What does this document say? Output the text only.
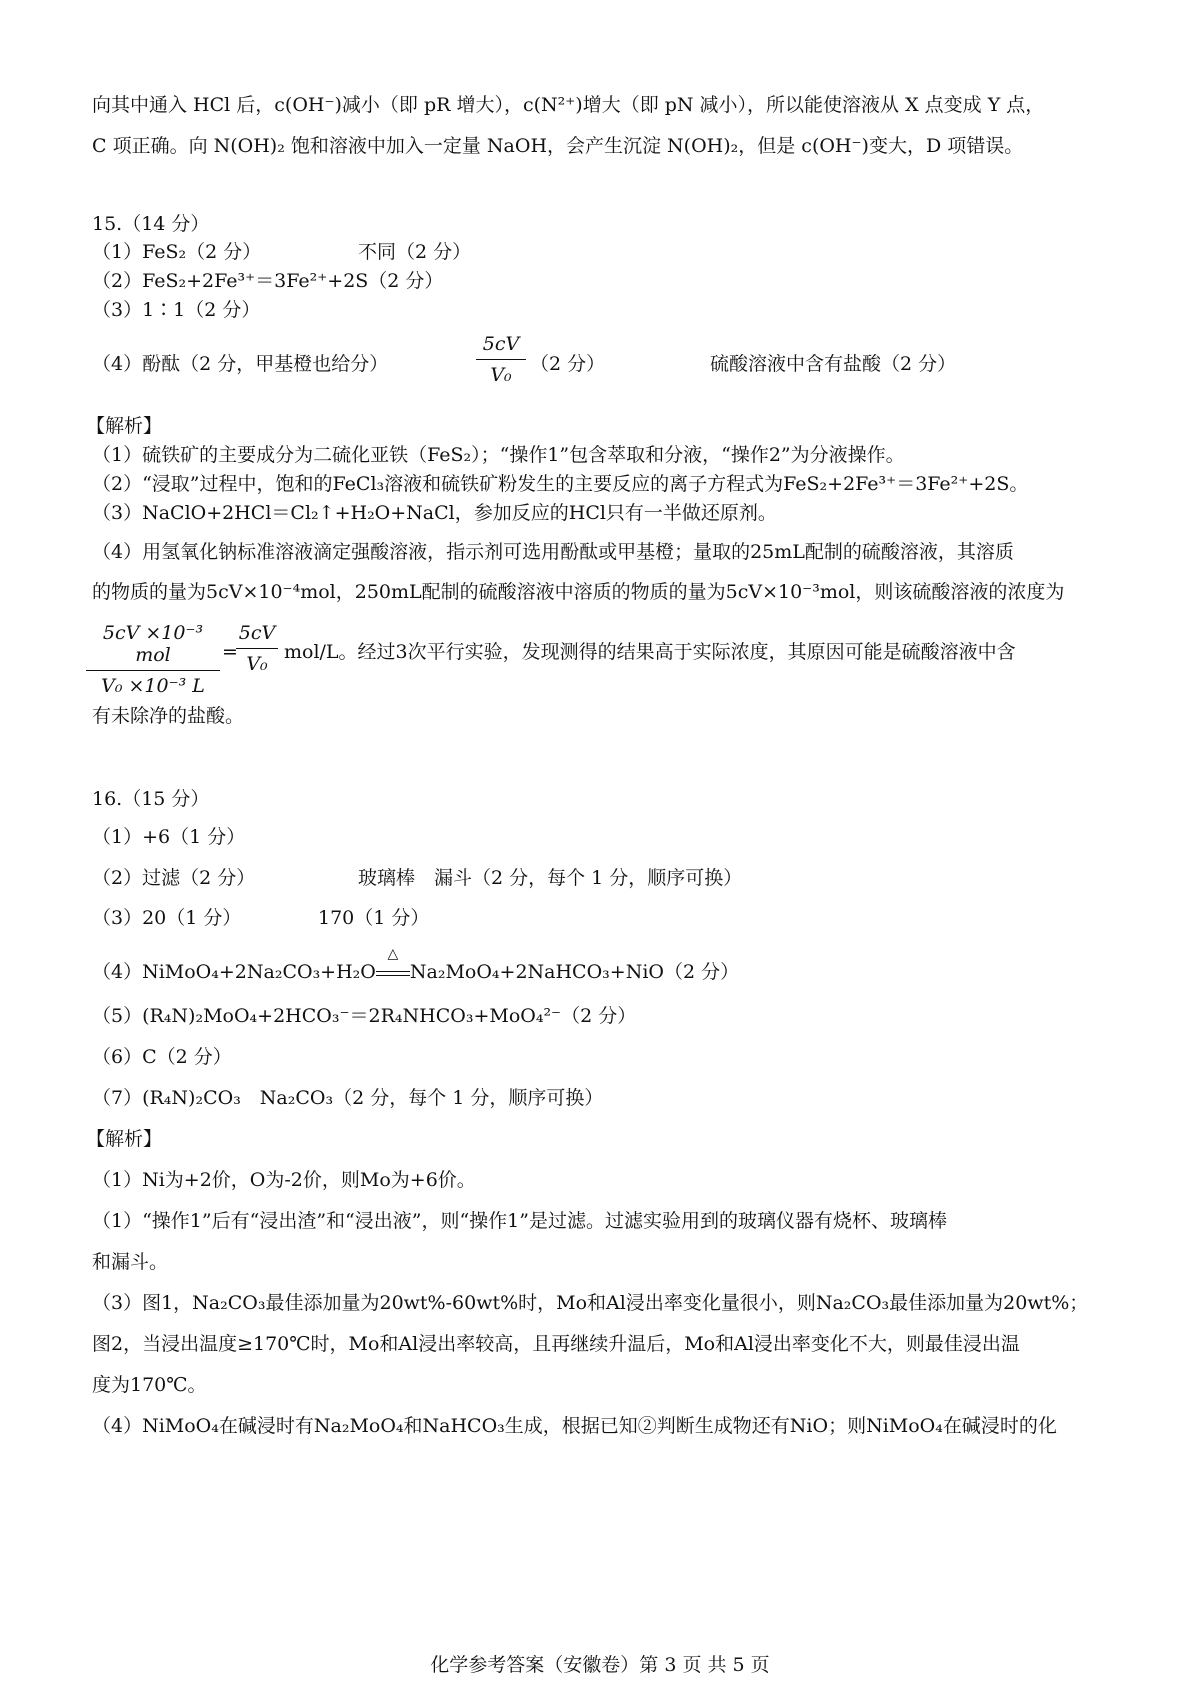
向其中通入 HCl 后，c(OH⁻)减小（即 pR 增大），c(N²⁺)增大（即 pN 减小），所以能使溶液从 X 点变成 Y 点，
C 项正确。向 N(OH)₂ 饱和溶液中加入一定量 NaOH，会产生沉淀 N(OH)₂，但是 c(OH⁻)变大，D 项错误。
15.（14 分）
（1）FeS₂（2 分）	不同（2 分）
（2）FeS₂+2Fe³⁺＝3Fe²⁺+2S（2 分）
（3）1∶1（2 分）
（4）酚酞（2 分，甲基橙也给分）
5cV
V₀ （2 分）	硫酸溶液中含有盐酸（2 分）
【解析】
（1）硫铁矿的主要成分为二硫化亚铁（FeS₂）；“操作1”包含萃取和分液，“操作2”为分液操作。
（2）“浸取”过程中，饱和的FeCl₃溶液和硫铁矿粉发生的主要反应的离子方程式为FeS₂+2Fe³⁺＝3Fe²⁺+2S。
（3）NaClO+2HCl＝Cl₂↑+H₂O+NaCl，参加反应的HCl只有一半做还原剂。
（4）用氢氧化钠标准溶液滴定强酸溶液，指示剂可选用酚酞或甲基橙；量取的25mL配制的硫酸溶液，其溶质
的物质的量为5cV×10⁻⁴mol，250mL配制的硫酸溶液中溶质的物质的量为5cV×10⁻³mol，则该硫酸溶液的浓度为
5cV ×10⁻³ mol
V₀ ×10⁻³ L
=
5cV
V₀
mol/L。经过3次平行实验，发现测得的结果高于实际浓度，其原因可能是硫酸溶液中含
有未除净的盐酸。
16.（15 分）
（1）+6（1 分）
（2）过滤（2 分）	玻璃棒　漏斗（2 分，每个 1 分，顺序可换）
（3）20（1 分）	170（1 分）
（4）NiMoO₄+2Na₂CO₃+H₂O
△
Na₂MoO₄+2NaHCO₃+NiO（2 分）
（5）(R₄N)₂MoO₄+2HCO₃⁻＝2R₄NHCO₃+MoO₄²⁻（2 分）
（6）C（2 分）
（7）(R₄N)₂CO₃　Na₂CO₃（2 分，每个 1 分，顺序可换）
【解析】
（1）Ni为+2价，O为-2价，则Mo为+6价。
（1）“操作1”后有“浸出渣”和“浸出液”，则“操作1”是过滤。过滤实验用到的玻璃仪器有烧杯、玻璃棒
和漏斗。
（3）图1，Na₂CO₃最佳添加量为20wt%-60wt%时，Mo和Al浸出率变化量很小，则Na₂CO₃最佳添加量为20wt%；
图2，当浸出温度≥170℃时，Mo和Al浸出率较高，且再继续升温后，Mo和Al浸出率变化不大，则最佳浸出温
度为170℃。
（4）NiMoO₄在碱浸时有Na₂MoO₄和NaHCO₃生成，根据已知②判断生成物还有NiO；则NiMoO₄在碱浸时的化
化学参考答案（安徽卷）第 3 页 共 5 页
